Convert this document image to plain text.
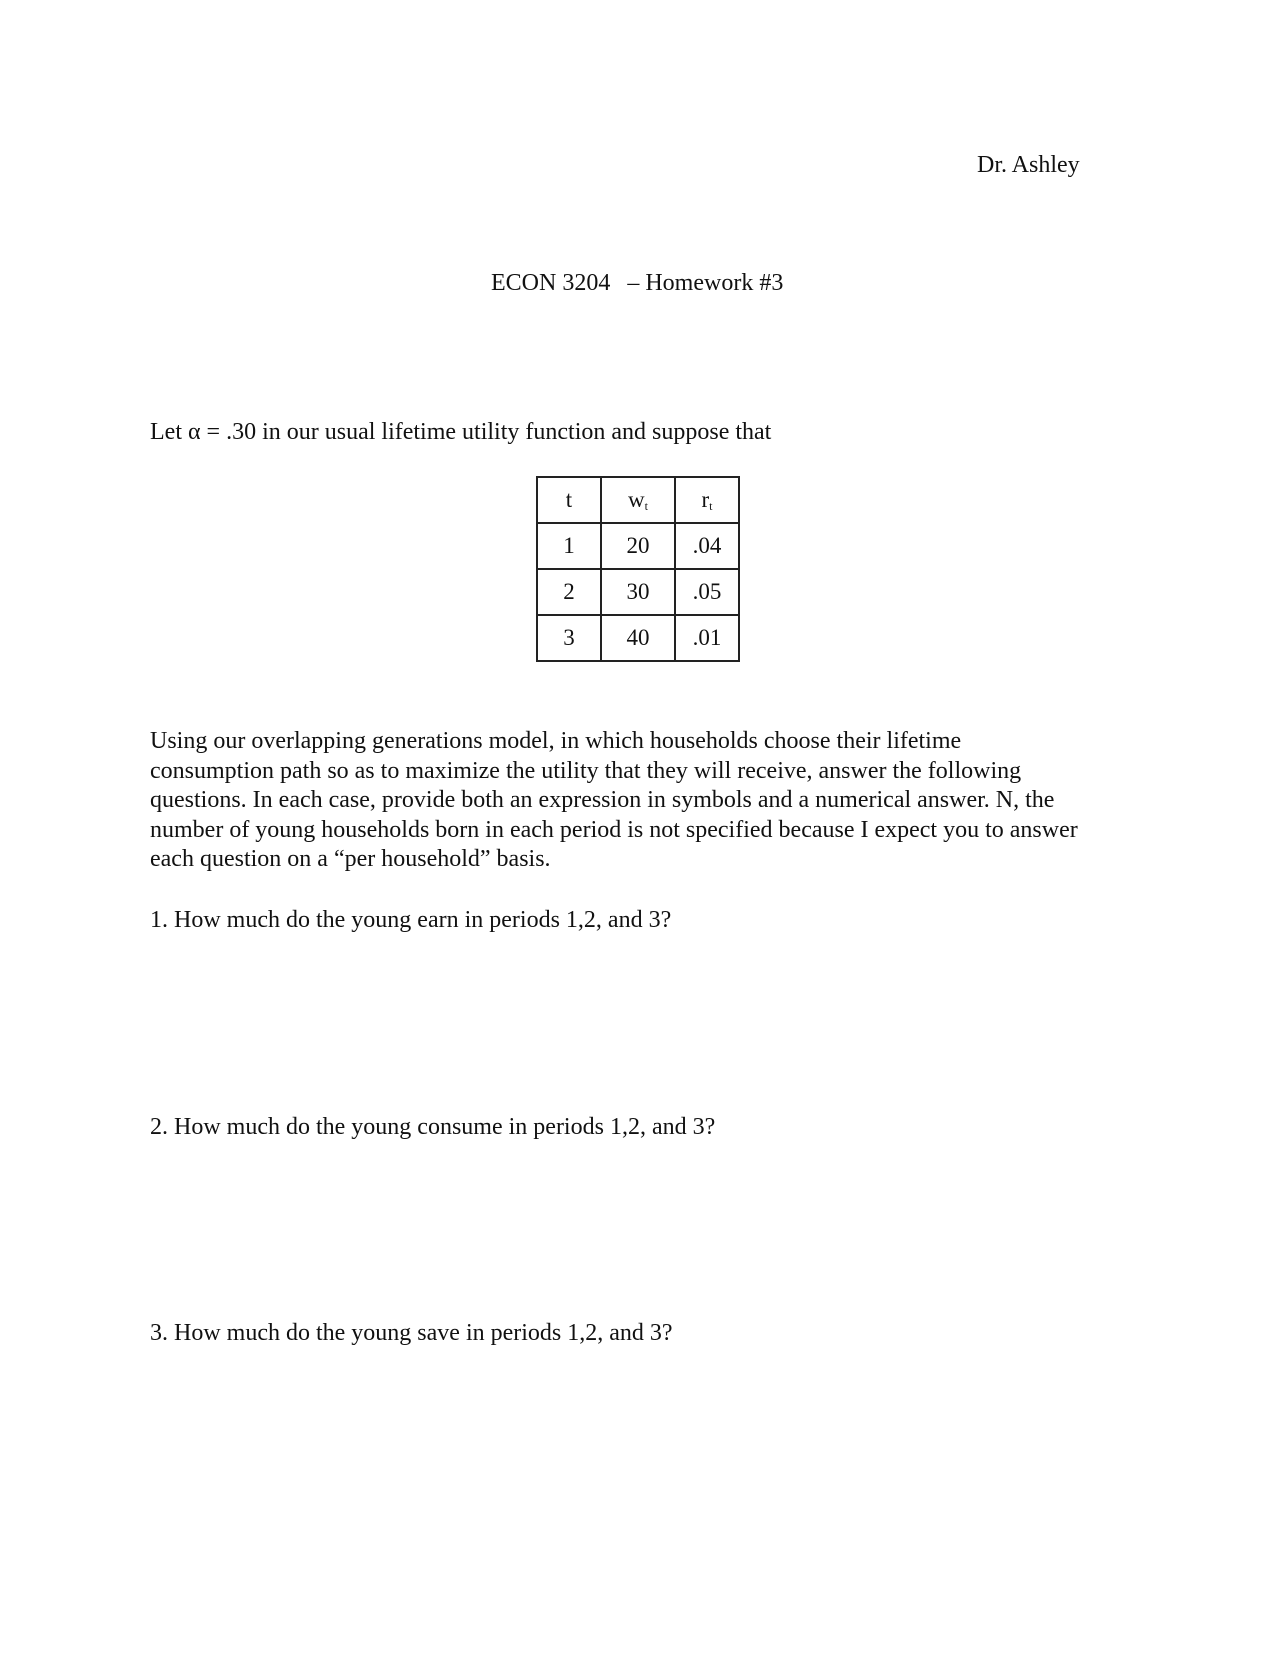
Dr. Ashley
ECON 3204 – Homework #3
Let α = .30 in our usual lifetime utility function and suppose that
t	$w_t$	$r_t$
1	20	.04
2	30	.05
3	40	.01
Using our overlapping generations model, in which households choose their lifetime
consumption path so as to maximize the utility that they will receive, answer the following
questions. In each case, provide both an expression in symbols and a numerical answer. N, the
number of young households born in each period is not specified because I expect you to answer
each question on a “per household” basis.
1. How much do the young earn in periods 1,2, and 3?
2. How much do the young consume in periods 1,2, and 3?
3. How much do the young save in periods 1,2, and 3?
